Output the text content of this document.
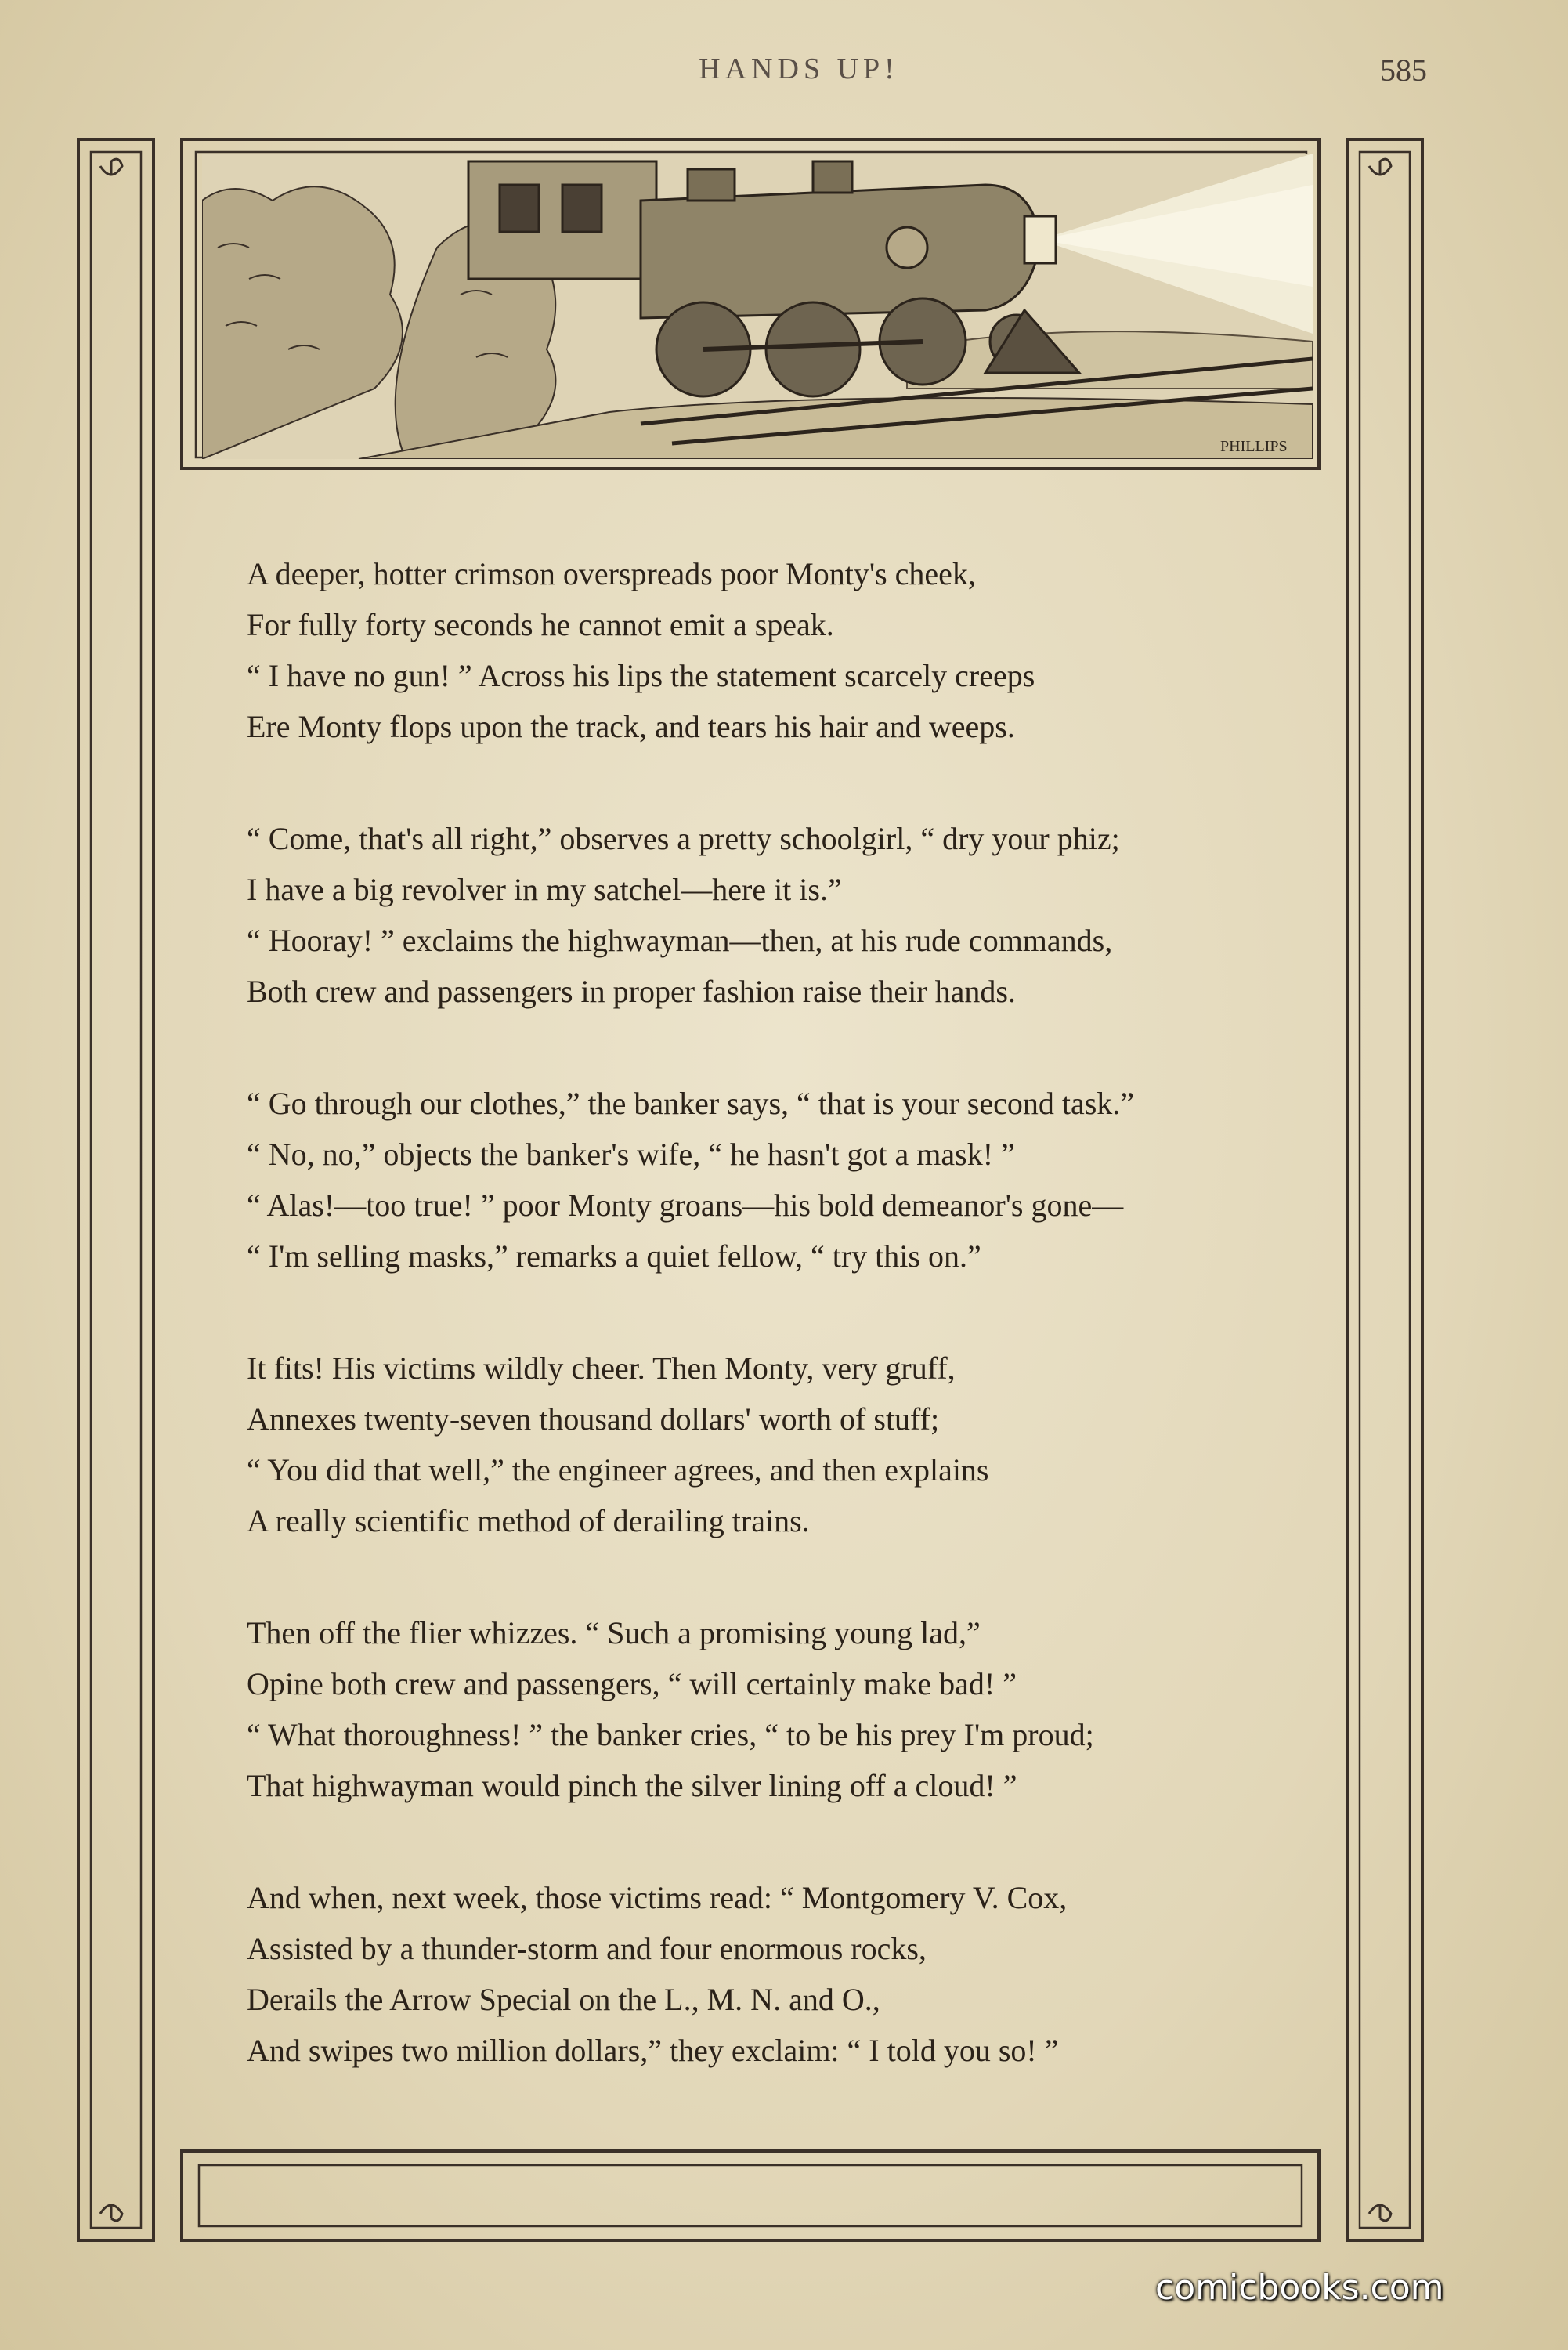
HANDS UP!	585
PHILLIPS
A deeper, hotter crimson overspreads poor Monty's cheek,
For fully forty seconds he cannot emit a speak.
“ I have no gun! ” Across his lips the statement scarcely creeps
Ere Monty flops upon the track, and tears his hair and weeps.
“ Come, that's all right,” observes a pretty schoolgirl, “ dry your phiz;
I have a big revolver in my satchel—here it is.”
“ Hooray! ” exclaims the highwayman—then, at his rude commands,
Both crew and passengers in proper fashion raise their hands.
“ Go through our clothes,” the banker says, “ that is your second task.”
“ No, no,” objects the banker's wife, “ he hasn't got a mask! ”
“ Alas!—too true! ” poor Monty groans—his bold demeanor's gone—
“ I'm selling masks,” remarks a quiet fellow, “ try this on.”
It fits! His victims wildly cheer. Then Monty, very gruff,
Annexes twenty-seven thousand dollars' worth of stuff;
“ You did that well,” the engineer agrees, and then explains
A really scientific method of derailing trains.
Then off the flier whizzes. “ Such a promising young lad,”
Opine both crew and passengers, “ will certainly make bad! ”
“ What thoroughness! ” the banker cries, “ to be his prey I'm proud;
That highwayman would pinch the silver lining off a cloud! ”
And when, next week, those victims read: “ Montgomery V. Cox,
Assisted by a thunder-storm and four enormous rocks,
Derails the Arrow Special on the L., M. N. and O.,
And swipes two million dollars,” they exclaim: “ I told you so! ”
comicbooks.com
